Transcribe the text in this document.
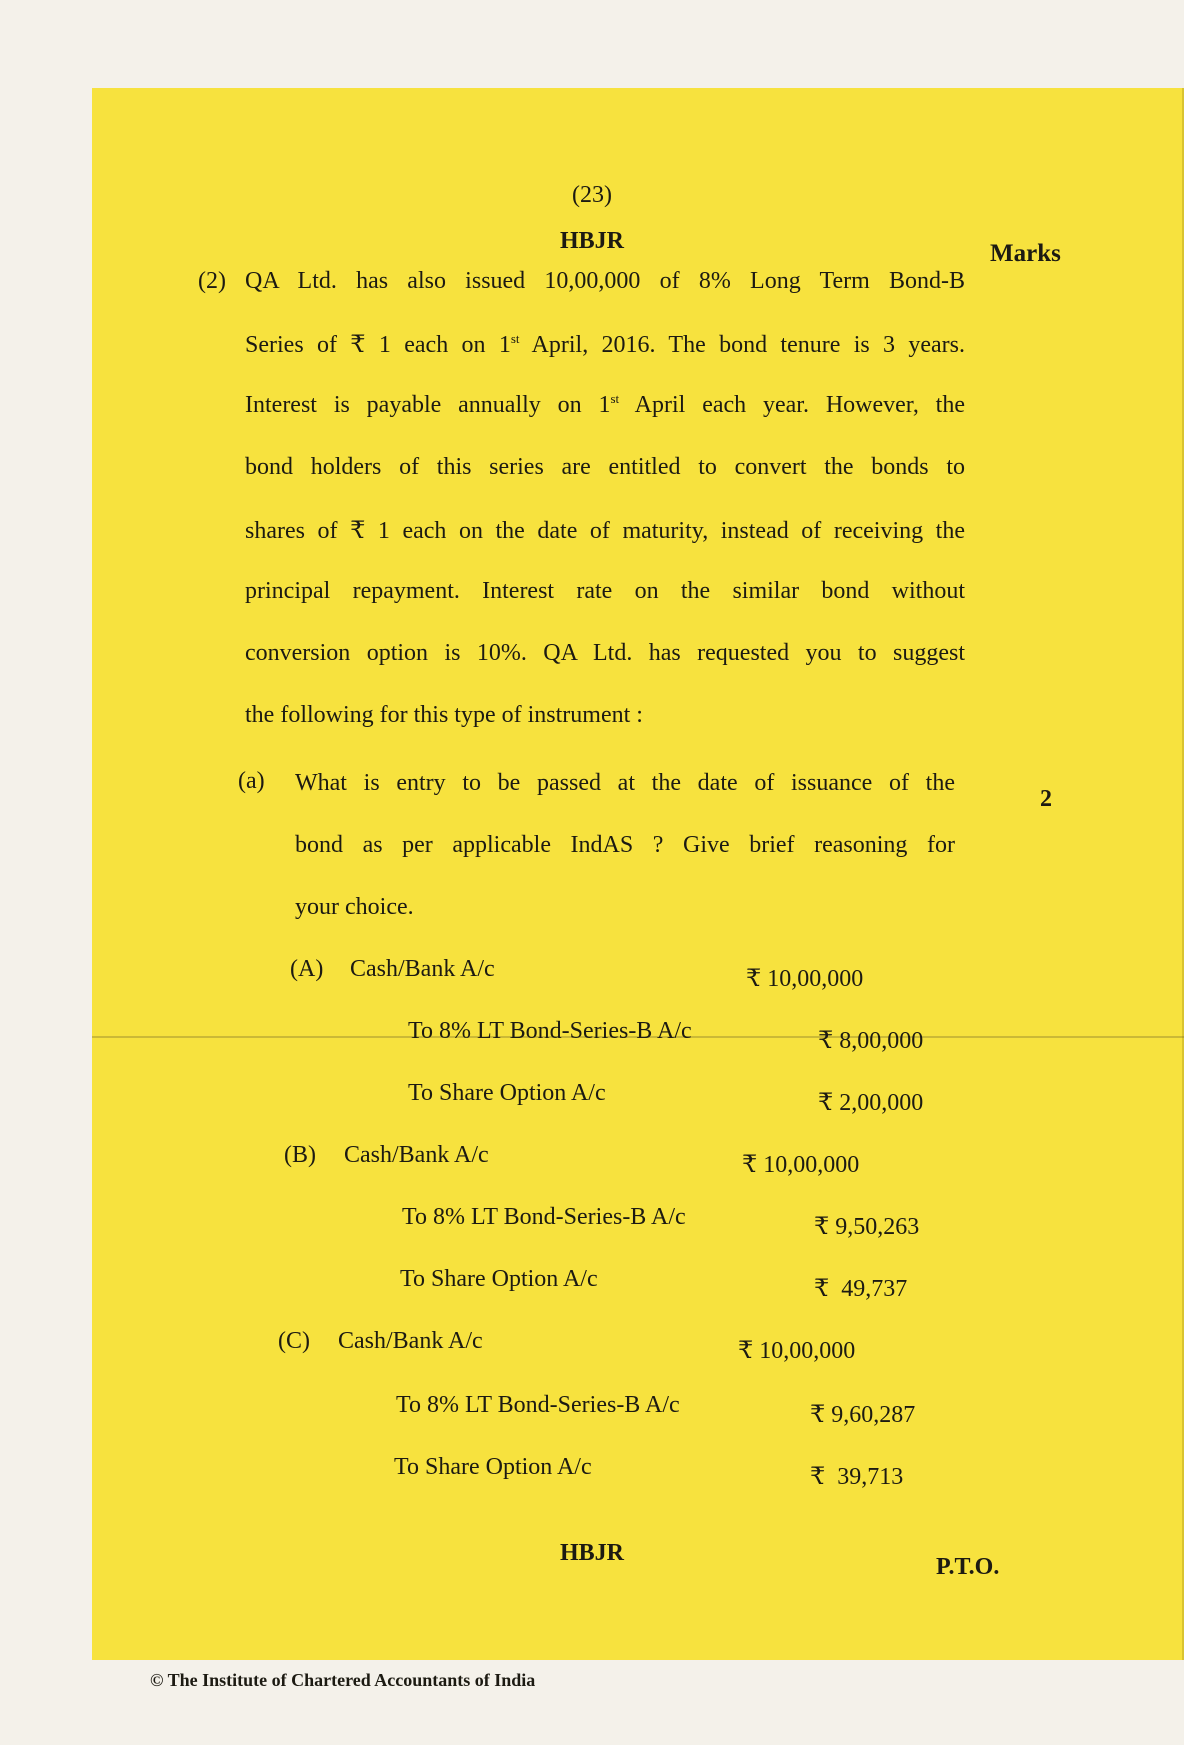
(23)
HBJR	Marks
(2) QA Ltd. has also issued 10,00,000 of 8% Long Term Bond-B
Series of ₹ 1 each on 1st April, 2016. The bond tenure is 3 years.
Interest is payable annually on 1st April each year. However, the
bond holders of this series are entitled to convert the bonds to
shares of ₹ 1 each on the date of maturity, instead of receiving the
principal repayment. Interest rate on the similar bond without
conversion option is 10%. QA Ltd. has requested you to suggest
the following for this type of instrument :
(a) What is entry to be passed at the date of issuance of the
bond as per applicable IndAS ? Give brief reasoning for
your choice.
2
(A) Cash/Bank A/c	₹ 10,00,000
To 8% LT Bond-Series-B A/c	₹ 8,00,000
To Share Option A/c	₹ 2,00,000
(B) Cash/Bank A/c	₹ 10,00,000
To 8% LT Bond-Series-B A/c	₹ 9,50,263
To Share Option A/c	₹  49,737
(C) Cash/Bank A/c	₹ 10,00,000
To 8% LT Bond-Series-B A/c	₹ 9,60,287
To Share Option A/c	₹  39,713
HBJR
P.T.O.
© The Institute of Chartered Accountants of India
